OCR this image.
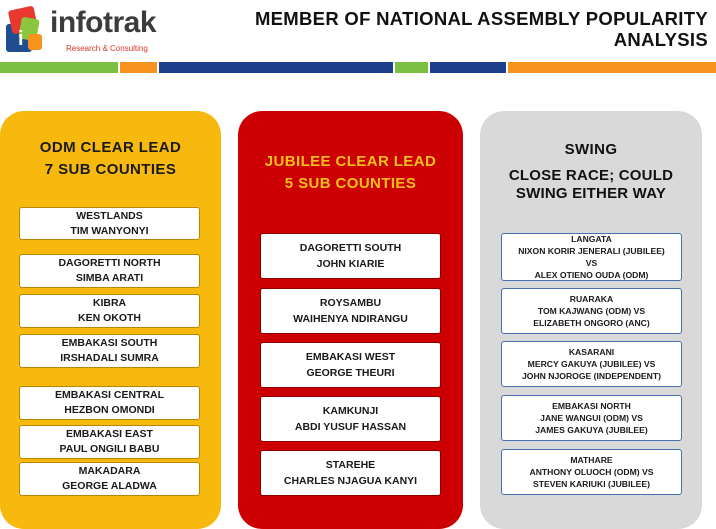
i infotrak
Research & Consulting
MEMBER OF NATIONAL ASSEMBLY POPULARITY
ANALYSIS
ODM CLEAR LEAD
7 SUB COUNTIES
WESTLANDS
TIM WANYONYI
DAGORETTI NORTH
SIMBA ARATI
KIBRA
KEN OKOTH
EMBAKASI SOUTH
IRSHADALI SUMRA
EMBAKASI CENTRAL
HEZBON OMONDI
EMBAKASI EAST
PAUL ONGILI BABU
MAKADARA
GEORGE ALADWA
JUBILEE CLEAR LEAD
5 SUB COUNTIES
DAGORETTI SOUTH
JOHN KIARIE
ROYSAMBU
WAIHENYA NDIRANGU
EMBAKASI WEST
GEORGE THEURI
KAMKUNJI
ABDI YUSUF HASSAN
STAREHE
CHARLES NJAGUA KANYI
SWING
CLOSE RACE; COULD
SWING EITHER WAY
LANGATA
NIXON KORIR JENERALI (JUBILEE)
VS
ALEX OTIENO OUDA (ODM)
RUARAKA
TOM KAJWANG (ODM) VS
ELIZABETH ONGORO (ANC)
KASARANI
MERCY GAKUYA (JUBILEE) VS
JOHN NJOROGE (INDEPENDENT)
EMBAKASI NORTH
JANE WANGUI (ODM) VS
JAMES GAKUYA (JUBILEE)
MATHARE
ANTHONY OLUOCH (ODM) VS
STEVEN KARIUKI (JUBILEE)
